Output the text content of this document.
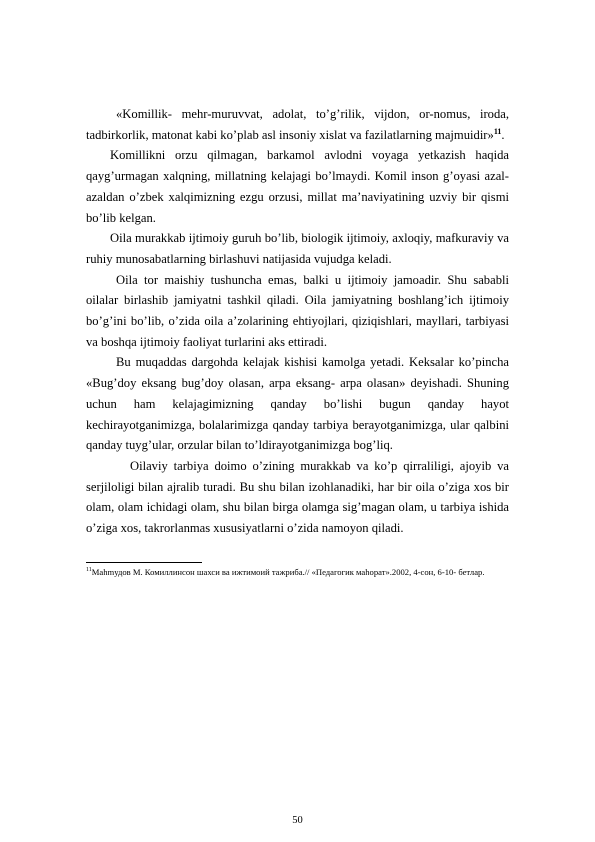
«Komillik- mehr-muruvvat, adolat, to’g’rilik, vijdon, or-nomus, iroda, tadbirkorlik, matonat kabi ko’plab asl insoniy xislat va fazilatlarning majmuidir»$^{11}$.

Komillikni orzu qilmagan, barkamol avlodni voyaga yetkazish haqida qayg’urmagan xalqning, millatning kelajagi bo’lmaydi. Komil inson g’oyasi azal-azaldan o’zbek xalqimizning ezgu orzusi, millat ma’naviyatining uzviy bir qismi bo’lib kelgan.

Oila murakkab ijtimoiy guruh bo’lib, biologik ijtimoiy, axloqiy, mafkuraviy va ruhiy munosabatlarning birlashuvi natijasida vujudga keladi.

Oila tor maishiy tushuncha emas, balki u ijtimoiy jamoadir. Shu sababli oilalar birlashib jamiyatni tashkil qiladi. Oila jamiyatning boshlang’ich ijtimoiy bo’g’ini bo’lib, o’zida oila a’zolarining ehtiyojlari, qiziqishlari, mayllari, tarbiyasi va boshqa ijtimoiy faoliyat turlarini aks ettiradi.

Bu muqaddas dargohda kelajak kishisi kamolga yetadi. Keksalar ko’pincha «Bug’doy eksang bug’doy olasan, arpa eksang- arpa olasan» deyishadi. Shuning uchun ham kelajagimizning qanday bo’lishi bugun qanday hayot kechirayotganimizga, bolalarimizga qanday tarbiya berayotganimizga, ular qalbini qanday tuyg’ular, orzular bilan to’ldirayotganimizga bog’liq.

Oilaviy tarbiya doimo o’zining murakkab va ko’p qirraliligi, ajoyib va serjiloligi bilan ajralib turadi. Bu shu bilan izohlanadiki, har bir oila o’ziga xos bir olam, olam ichidagi olam, shu bilan birga olamga sig’magan olam, u tarbiya ishida o’ziga xos, takrorlanmas xususiyatlarni o’zida namoyon qiladi.

$^{11}$Mahmудов М. Комиллинсон шахси ва ижтимоий тажриба.// «Педагогик маhорат».2002, 4-сон, 6-10- бетлар.
50
